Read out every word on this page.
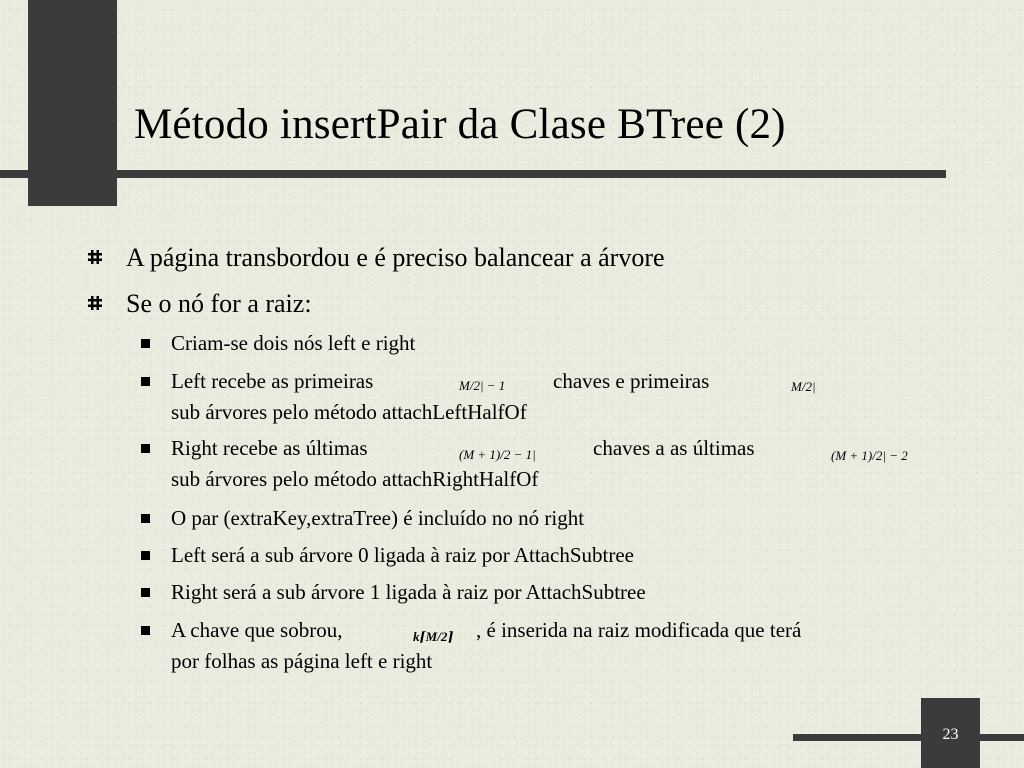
Método insertPair da Clase BTree (2)
A página transbordou e é preciso balancear a árvore
Se o nó for a raiz:
Criam-se dois nós left e right
Left recebe as primeiras	M/2| − 1 chaves e primeiras	M/2|

sub árvores pelo método attachLeftHalfOf
Right recebe as últimas	(M + 1)/2 − 1|	chaves a as últimas	(M + 1)/2| − 2

sub árvores pelo método attachRightHalfOf
O par (extraKey,extraTree) é incluído no nó right
Left será a sub árvore 0 ligada à raiz por AttachSubtree
Right será a sub árvore 1 ligada à raiz por AttachSubtree
A chave que sobrou,	k⌈M/2⌉ , é inserida na raiz modificada que terá

por folhas as página left e right
23
